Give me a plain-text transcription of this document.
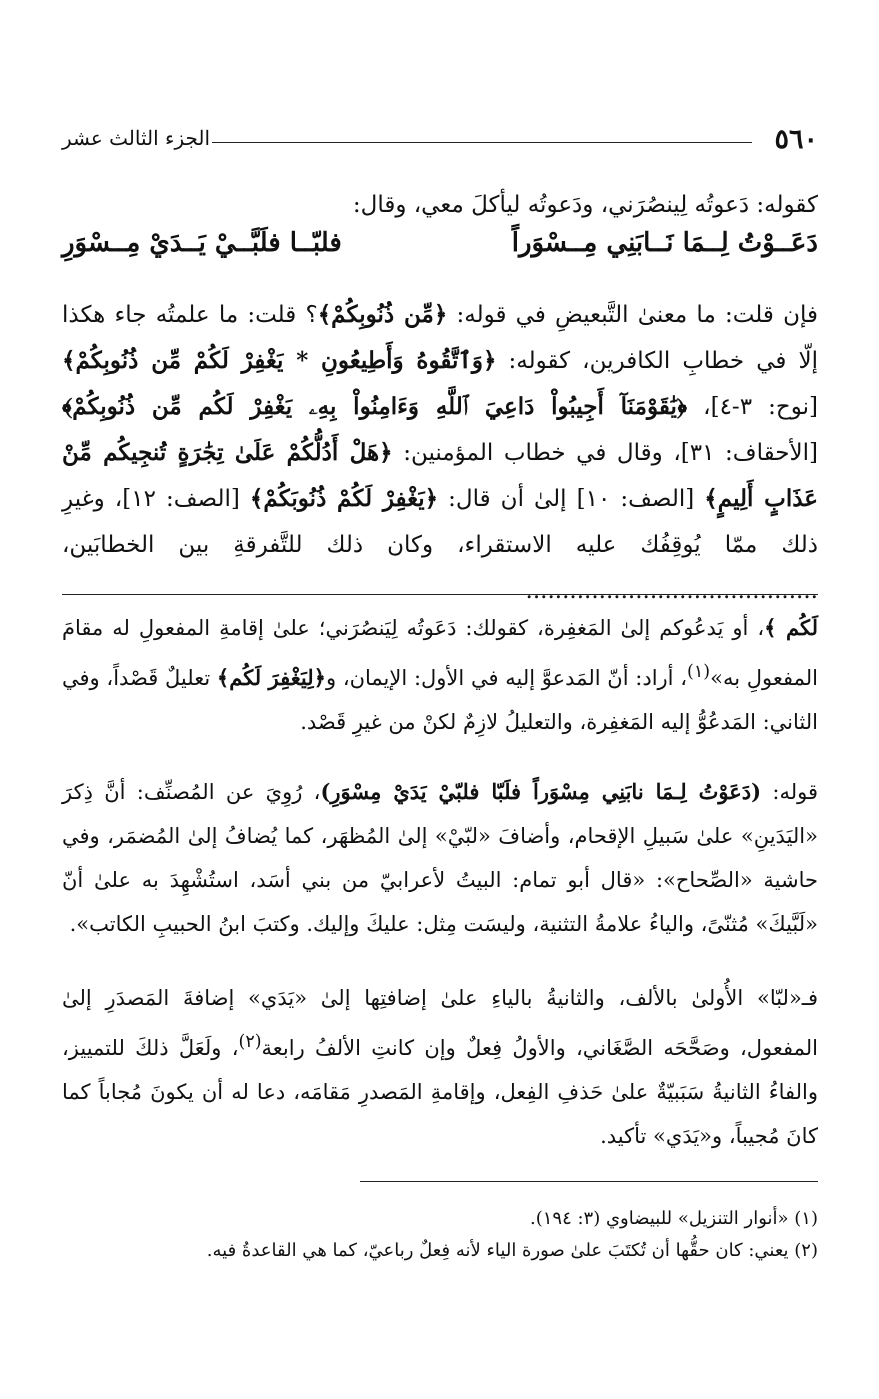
٥٦٠
الجزء الثالث عشر
كقوله: دَعوتُه لِينصُرَني، ودَعوتُه ليأكلَ معي، وقال:
دَعَــوْتُ لِــمَا نَــابَنِي مِــسْوَراً
فلبّــا فلَبَّــيْ يَــدَيْ مِــسْوَرِ
فإن قلت: ما معنىٰ التَّبعيضِ في قوله: ﴿مِّن ذُنُوبِكُمْ﴾؟ قلت: ما علمتُه جاء هكذا إلّا في خطابِ الكافرين، كقوله: ﴿وَٱتَّقُوهُ وَأَطِيعُونِ * يَغْفِرْ لَكُمْ مِّن ذُنُوبِكُمْ﴾ [نوح: ٣-٤]، ﴿يَٰقَوْمَنَآ أَجِيبُواْ دَاعِيَ ٱللَّهِ وَءَامِنُواْ بِهِۦ يَغْفِرْ لَكُم مِّن ذُنُوبِكُمْ﴾ [الأحقاف: ٣١]، وقال في خطاب المؤمنين: ﴿هَلْ أَدُلُّكُمْ عَلَىٰ تِجَٰرَةٍ تُنجِيكُم مِّنْ عَذَابٍ أَلِيمٍ﴾ [الصف: ١٠] إلىٰ أن قال: ﴿يَغْفِرْ لَكُمْ ذُنُوبَكُمْ﴾ [الصف: ١٢]، وغيرِ ذلك ممّا يُوقِفُك عليه الاستقراء، وكان ذلك للتَّفرقةِ بين الخطابَين، ........................................
لَكُم ﴾، أو يَدعُوكم إلىٰ المَغفِرة، كقولك: دَعَوتُه لِيَنصُرَني؛ علىٰ إقامةِ المفعولِ له مقامَ المفعولِ به»$^{(١)}$، أراد: أنّ المَدعوَّ إليه في الأول: الإيمان، و﴿لِيَغْفِرَ لَكُم﴾ تعليلٌ قَصْداً، وفي الثاني: المَدعُوُّ إليه المَغفِرة، والتعليلُ لازِمٌ لكنْ من غيرِ قَصْد.
قوله: (دَعَوْتُ لِـمَا نابَنِي مِسْوَراً فلَبّا فلبّيْ يَدَيْ مِسْوَرِ)، رُوِيَ عن المُصنِّف: أنَّ ذِكرَ «اليَدَينِ» علىٰ سَبيلِ الإقحام، وأضافَ «لبّيْ» إلىٰ المُظهَر، كما يُضافُ إلىٰ المُضمَر، وفي حاشية «الصِّحاح»: «قال أبو تمام: البيتُ لأعرابيّ من بني أسَد، استُشْهِدَ به علىٰ أنّ «لَبَّيكَ» مُثنّىً، والياءُ علامةُ التثنية، وليسَت مِثل: عليكَ وإليك. وكتبَ ابنُ الحبيبِ الكاتب».
فـ«لبّا» الأُولىٰ بالألف، والثانيةُ بالياءِ علىٰ إضافتِها إلىٰ «يَدَي» إضافةَ المَصدَرِ إلىٰ المفعول، وصَحَّحَه الصَّغَاني، والأولُ فِعلٌ وإن كانتِ الألفُ رابعة$^{(٢)}$، ولَعَلَّ ذلكَ للتمييز، والفاءُ الثانيةُ سَبَبيّةٌ علىٰ حَذفِ الفِعل، وإقامةِ المَصدرِ مَقامَه، دعا له أن يكونَ مُجاباً كما كانَ مُجيباً، و«يَدَي» تأكيد.
(١) «أنوار التنزيل» للبيضاوي (٣: ١٩٤).
(٢) يعني: كان حقُّها أن تُكتَبَ علىٰ صورة الياء لأنه فِعلٌ رباعيّ، كما هي القاعدةُ فيه.
